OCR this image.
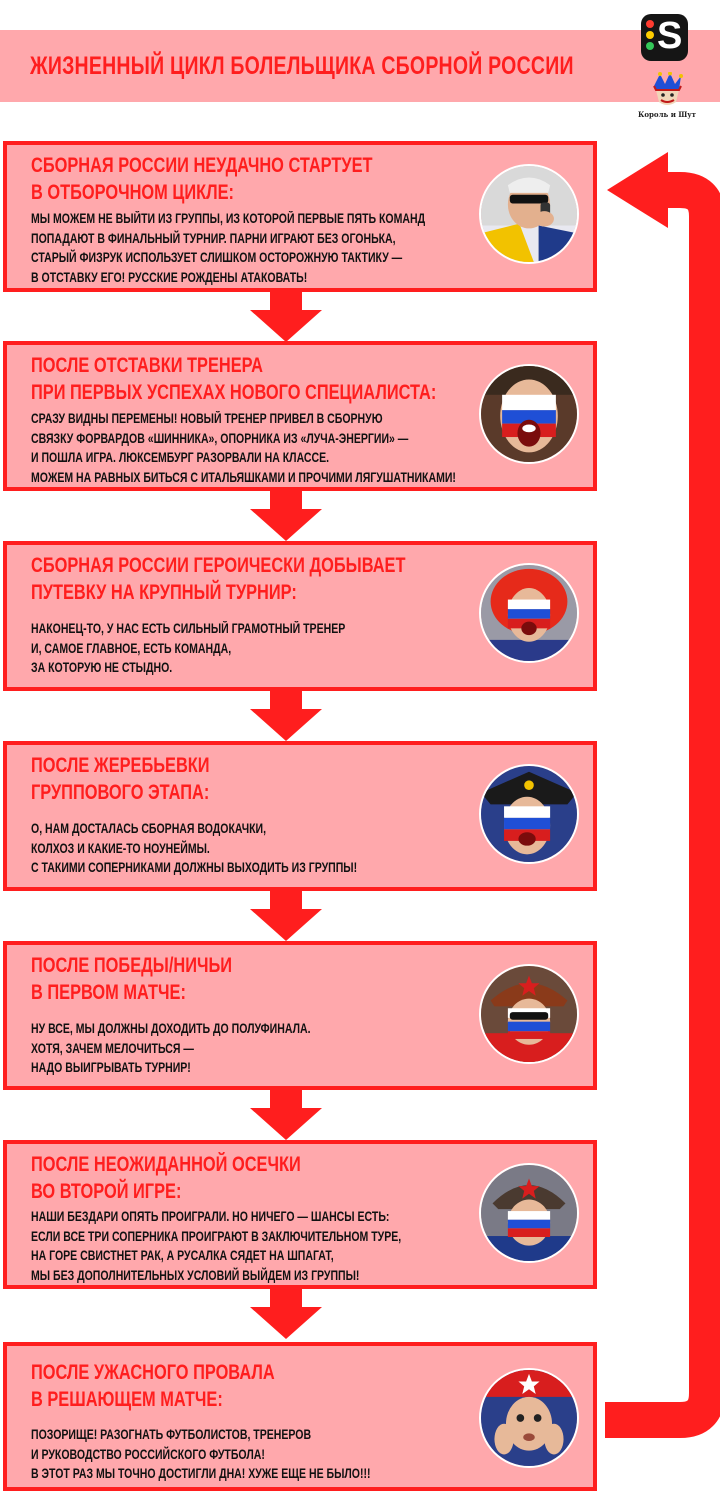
ЖИЗНЕННЫЙ ЦИКЛ БОЛЕЛЬЩИКА СБОРНОЙ РОССИИ
S
Король и Шут
СБОРНАЯ РОССИИ НЕУДАЧНО СТАРТУЕТ
В ОТБОРОЧНОМ ЦИКЛЕ:
МЫ МОЖЕМ НЕ ВЫЙТИ ИЗ ГРУППЫ, ИЗ КОТОРОЙ ПЕРВЫЕ ПЯТЬ КОМАНД
ПОПАДАЮТ В ФИНАЛЬНЫЙ ТУРНИР. ПАРНИ ИГРАЮТ БЕЗ ОГОНЬКА,
СТАРЫЙ ФИЗРУК ИСПОЛЬЗУЕТ СЛИШКОМ ОСТОРОЖНУЮ ТАКТИКУ —
В ОТСТАВКУ ЕГО! РУССКИЕ РОЖДЕНЫ АТАКОВАТЬ!
ПОСЛЕ ОТСТАВКИ ТРЕНЕРА
ПРИ ПЕРВЫХ УСПЕХАХ НОВОГО СПЕЦИАЛИСТА:
СРАЗУ ВИДНЫ ПЕРЕМЕНЫ! НОВЫЙ ТРЕНЕР ПРИВЕЛ В СБОРНУЮ
СВЯЗКУ ФОРВАРДОВ «ШИННИКА», ОПОРНИКА ИЗ «ЛУЧА-ЭНЕРГИИ» —
И ПОШЛА ИГРА. ЛЮКСЕМБУРГ РАЗОРВАЛИ НА КЛАССЕ.
МОЖЕМ НА РАВНЫХ БИТЬСЯ С ИТАЛЬЯШКАМИ И ПРОЧИМИ ЛЯГУШАТНИКАМИ!
СБОРНАЯ РОССИИ ГЕРОИЧЕСКИ ДОБЫВАЕТ
ПУТЕВКУ НА КРУПНЫЙ ТУРНИР:
НАКОНЕЦ-ТО, У НАС ЕСТЬ СИЛЬНЫЙ ГРАМОТНЫЙ ТРЕНЕР
И, САМОЕ ГЛАВНОЕ, ЕСТЬ КОМАНДА,
ЗА КОТОРУЮ НЕ СТЫДНО.
ПОСЛЕ ЖЕРЕБЬЕВКИ
ГРУППОВОГО ЭТАПА:
О, НАМ ДОСТАЛАСЬ СБОРНАЯ ВОДОКАЧКИ,
КОЛХОЗ И КАКИЕ-ТО НОУНЕЙМЫ.
С ТАКИМИ СОПЕРНИКАМИ ДОЛЖНЫ ВЫХОДИТЬ ИЗ ГРУППЫ!
ПОСЛЕ ПОБЕДЫ/НИЧЬИ
В ПЕРВОМ МАТЧЕ:
НУ ВСЕ, МЫ ДОЛЖНЫ ДОХОДИТЬ ДО ПОЛУФИНАЛА.
ХОТЯ, ЗАЧЕМ МЕЛОЧИТЬСЯ —
НАДО ВЫИГРЫВАТЬ ТУРНИР!
ПОСЛЕ НЕОЖИДАННОЙ ОСЕЧКИ
ВО ВТОРОЙ ИГРЕ:
НАШИ БЕЗДАРИ ОПЯТЬ ПРОИГРАЛИ. НО НИЧЕГО — ШАНСЫ ЕСТЬ:
ЕСЛИ ВСЕ ТРИ СОПЕРНИКА ПРОИГРАЮТ В ЗАКЛЮЧИТЕЛЬНОМ ТУРЕ,
НА ГОРЕ СВИСТНЕТ РАК, А РУСАЛКА СЯДЕТ НА ШПАГАТ,
МЫ БЕЗ ДОПОЛНИТЕЛЬНЫХ УСЛОВИЙ ВЫЙДЕМ ИЗ ГРУППЫ!
ПОСЛЕ УЖАСНОГО ПРОВАЛА
В РЕШАЮЩЕМ МАТЧЕ:
ПОЗОРИЩЕ! РАЗОГНАТЬ ФУТБОЛИСТОВ, ТРЕНЕРОВ
И РУКОВОДСТВО РОССИЙСКОГО ФУТБОЛА!
В ЭТОТ РАЗ МЫ ТОЧНО ДОСТИГЛИ ДНА! ХУЖЕ ЕЩЕ НЕ БЫЛО!!!
